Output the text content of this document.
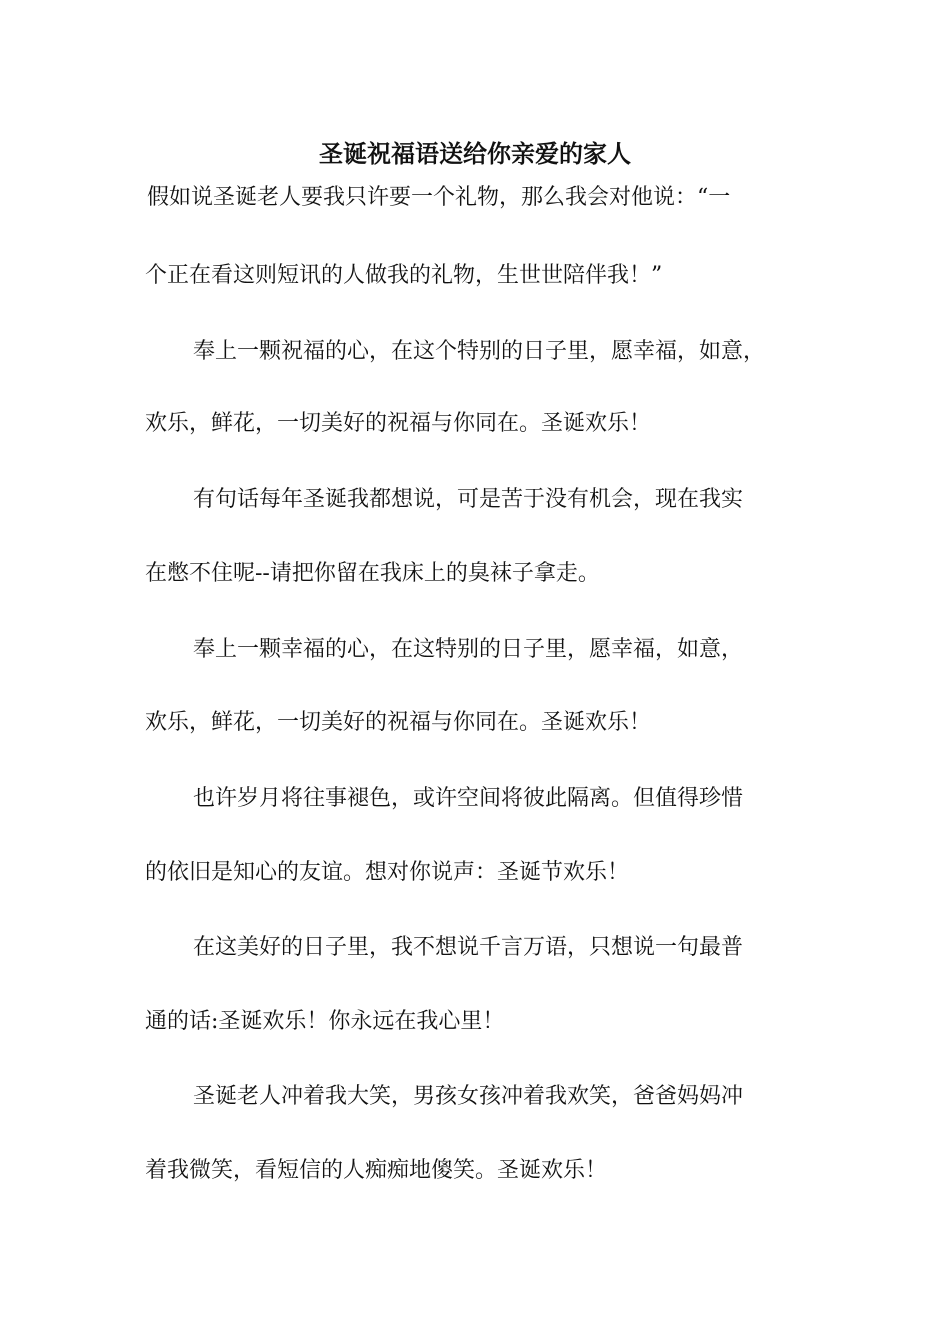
圣诞祝福语送给你亲爱的家人
假如说圣诞老人要我只许要一个礼物，那么我会对他说：“一
个正在看这则短讯的人做我的礼物，生世世陪伴我！”
奉上一颗祝福的心，在这个特别的日子里，愿幸福，如意，
欢乐，鲜花，一切美好的祝福与你同在。圣诞欢乐！
有句话每年圣诞我都想说，可是苦于没有机会，现在我实
在憋不住呢--请把你留在我床上的臭袜子拿走。
奉上一颗幸福的心，在这特别的日子里，愿幸福，如意，
欢乐，鲜花，一切美好的祝福与你同在。圣诞欢乐！
也许岁月将往事褪色，或许空间将彼此隔离。但值得珍惜
的依旧是知心的友谊。想对你说声：圣诞节欢乐！
在这美好的日子里，我不想说千言万语，只想说一句最普
通的话:圣诞欢乐！你永远在我心里！
圣诞老人冲着我大笑，男孩女孩冲着我欢笑，爸爸妈妈冲
着我微笑，看短信的人痴痴地傻笑。圣诞欢乐！
